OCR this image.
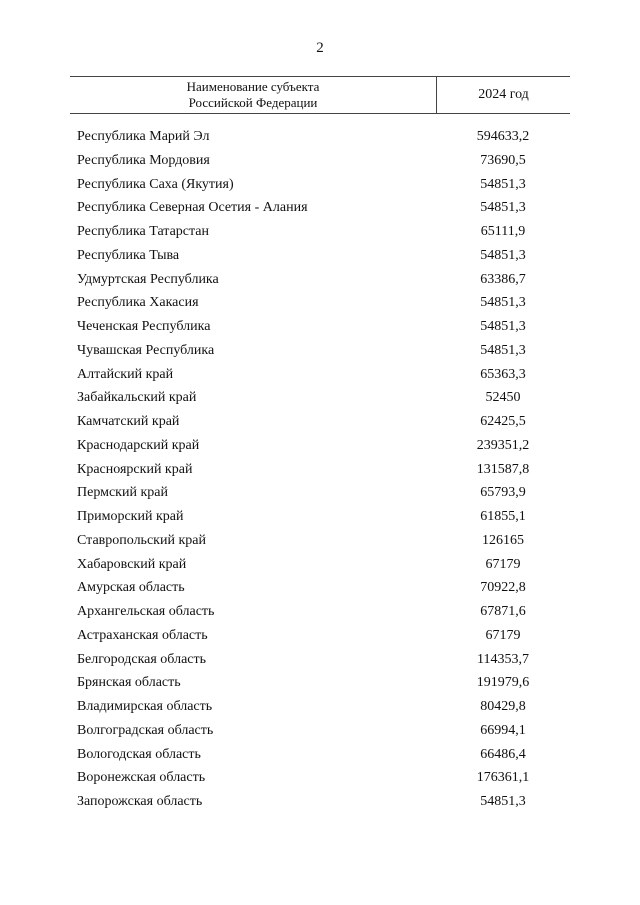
2
Наименование субъекта
Российской Федерации
2024 год
Республика Марий Эл	594633,2
Республика Мордовия	73690,5
Республика Саха (Якутия)	54851,3
Республика Северная Осетия - Алания	54851,3
Республика Татарстан	65111,9
Республика Тыва	54851,3
Удмуртская Республика	63386,7
Республика Хакасия	54851,3
Чеченская Республика	54851,3
Чувашская Республика	54851,3
Алтайский край	65363,3
Забайкальский край	52450
Камчатский край	62425,5
Краснодарский край	239351,2
Красноярский край	131587,8
Пермский край	65793,9
Приморский край	61855,1
Ставропольский край	126165
Хабаровский край	67179
Амурская область	70922,8
Архангельская область	67871,6
Астраханская область	67179
Белгородская область	114353,7
Брянская область	191979,6
Владимирская область	80429,8
Волгоградская область	66994,1
Вологодская область	66486,4
Воронежская область	176361,1
Запорожская область	54851,3
